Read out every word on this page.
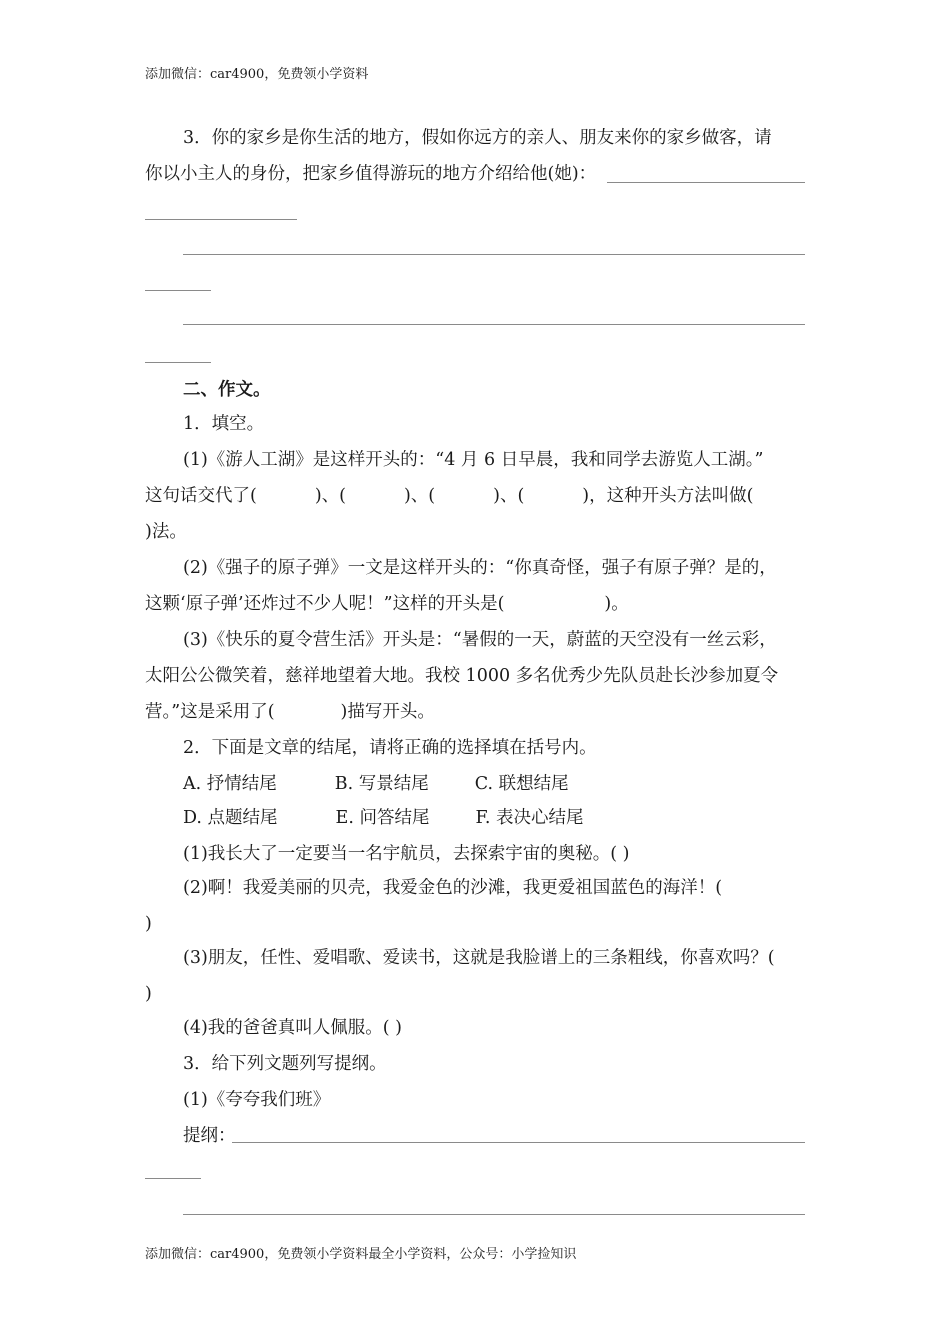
添加微信：car4900，免费领小学资料
3．你的家乡是你生活的地方，假如你远方的亲人、朋友来你的家乡做客，请
你以小主人的身份，把家乡值得游玩的地方介绍给他(她)：
二、作文。
1．填空。
(1)《游人工湖》是这样开头的：“4 月 6 日早晨，我和同学去游览人工湖。”
这句话交代了(	)、(	)、(	)、(	)，这种开头方法叫做(
)法。
(2)《强子的原子弹》一文是这样开头的：“你真奇怪，强子有原子弹？是的，
这颗‘原子弹’还炸过不少人呢！”这样的开头是(	)。
(3)《快乐的夏令营生活》开头是：“暑假的一天，蔚蓝的天空没有一丝云彩，
太阳公公微笑着，慈祥地望着大地。我校 1000 多名优秀少先队员赴长沙参加夏令
营。”这是采用了(	)描写开头。
2．下面是文章的结尾，请将正确的选择填在括号内。
A. 抒情结尾	B. 写景结尾	C. 联想结尾
D. 点题结尾	E. 问答结尾	F. 表决心结尾
(1)我长大了一定要当一名宇航员，去探索宇宙的奥秘。( )
(2)啊！我爱美丽的贝壳，我爱金色的沙滩，我更爱祖国蓝色的海洋！(
)
(3)朋友，任性、爱唱歌、爱读书，这就是我脸谱上的三条粗线，你喜欢吗？(
)
(4)我的爸爸真叫人佩服。( )
3．给下列文题列写提纲。
(1)《夸夸我们班》
提纲：
添加微信：car4900，免费领小学资料最全小学资料，公众号：小学捡知识
